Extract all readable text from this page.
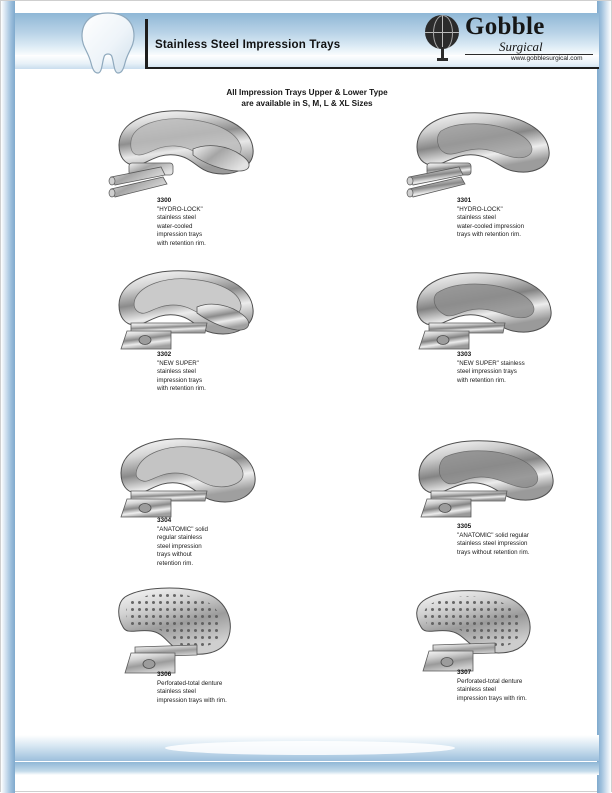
Stainless Steel Impression Trays
Gobble
Surgical
www.gobblesurgical.com
All Impression Trays Upper & Lower Type
are available in S, M, L & XL Sizes
3300
"HYDRO-LOCK"
stainless steel
water-cooled
impression trays
with retention rim.
3301
"HYDRO-LOCK"
stainless steel
water-cooled impression
trays with retention rim.
3302
"NEW SUPER"
stainless steel
impression trays
with retention rim.
3303
"NEW SUPER" stainless
steel impression trays
with retention rim.
3304
"ANATOMIC" solid
regular stainless
steel impression
trays without
retention rim.
3305
"ANATOMIC" solid regular
stainless steel impression
trays without retention rim.
3306
Perforated-total denture
stainless steel
impression trays with rim.
3307
Perforated-total denture
stainless steel
impression trays with rim.
